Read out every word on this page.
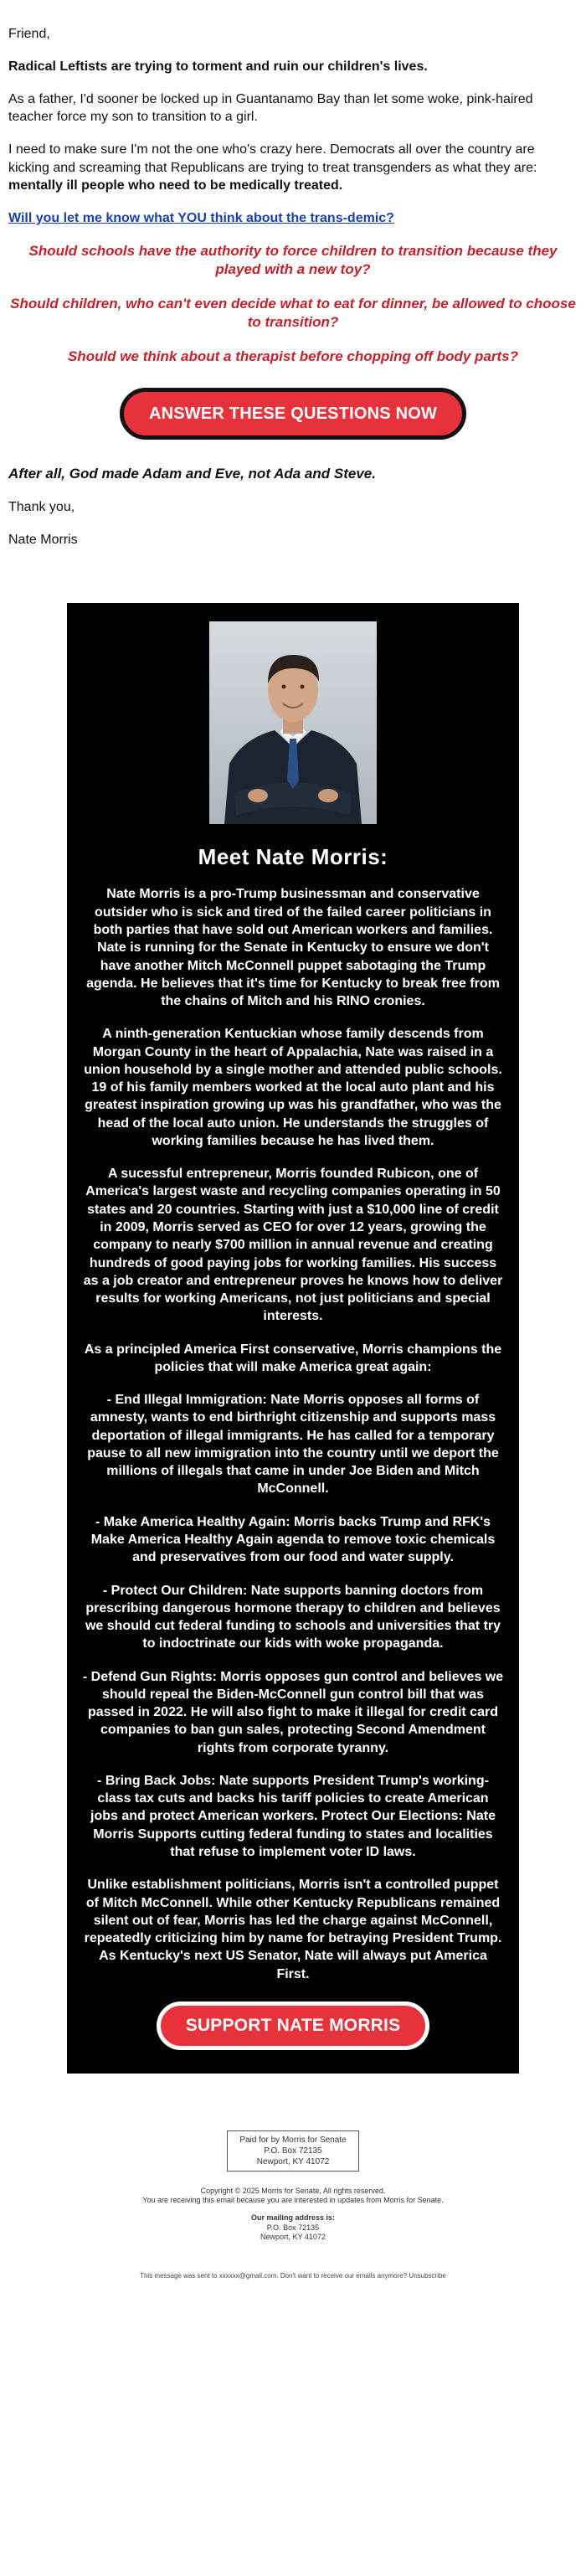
Friend,

Radical Leftists are trying to torment and ruin our children's lives.

As a father, I'd sooner be locked up in Guantanamo Bay than let some woke, pink-haired teacher force my son to transition to a girl.

I need to make sure I'm not the one who's crazy here. Democrats all over the country are kicking and screaming that Republicans are trying to treat transgenders as what they are: mentally ill people who need to be medically treated.

Will you let me know what YOU think about the trans-demic?

Should schools have the authority to force children to transition because they played with a new toy?

Should children, who can't even decide what to eat for dinner, be allowed to choose to transition?

Should we think about a therapist before chopping off body parts?

ANSWER THESE QUESTIONS NOW

After all, God made Adam and Eve, not Ada and Steve.

Thank you,

Nate Morris

Meet Nate Morris:

Nate Morris is a pro-Trump businessman and conservative outsider who is sick and tired of the failed career politicians in both parties that have sold out American workers and families. Nate is running for the Senate in Kentucky to ensure we don't have another Mitch McConnell puppet sabotaging the Trump agenda. He believes that it's time for Kentucky to break free from the chains of Mitch and his RINO cronies.

A ninth-generation Kentuckian whose family descends from Morgan County in the heart of Appalachia, Nate was raised in a union household by a single mother and attended public schools. 19 of his family members worked at the local auto plant and his greatest inspiration growing up was his grandfather, who was the head of the local auto union. He understands the struggles of working families because he has lived them.

A sucessful entrepreneur, Morris founded Rubicon, one of America's largest waste and recycling companies operating in 50 states and 20 countries. Starting with just a $10,000 line of credit in 2009, Morris served as CEO for over 12 years, growing the company to nearly $700 million in annual revenue and creating hundreds of good paying jobs for working families. His success as a job creator and entrepreneur proves he knows how to deliver results for working Americans, not just politicians and special interests.

As a principled America First conservative, Morris champions the policies that will make America great again:

- End Illegal Immigration: Nate Morris opposes all forms of amnesty, wants to end birthright citizenship and supports mass deportation of illegal immigrants. He has called for a temporary pause to all new immigration into the country until we deport the millions of illegals that came in under Joe Biden and Mitch McConnell.

- Make America Healthy Again: Morris backs Trump and RFK's Make America Healthy Again agenda to remove toxic chemicals and preservatives from our food and water supply.

- Protect Our Children: Nate supports banning doctors from prescribing dangerous hormone therapy to children and believes we should cut federal funding to schools and universities that try to indoctrinate our kids with woke propaganda.

- Defend Gun Rights: Morris opposes gun control and believes we should repeal the Biden-McConnell gun control bill that was passed in 2022. He will also fight to make it illegal for credit card companies to ban gun sales, protecting Second Amendment rights from corporate tyranny.

- Bring Back Jobs: Nate supports President Trump's working-class tax cuts and backs his tariff policies to create American jobs and protect American workers. Protect Our Elections: Nate Morris Supports cutting federal funding to states and localities that refuse to implement voter ID laws.

Unlike establishment politicians, Morris isn't a controlled puppet of Mitch McConnell. While other Kentucky Republicans remained silent out of fear, Morris has led the charge against McConnell, repeatedly criticizing him by name for betraying President Trump. As Kentucky's next US Senator, Nate will always put America First.

SUPPORT NATE MORRIS
Paid for by Morris for Senate
P.O. Box 72135
Newport, KY 41072
Copyright © 2025 Morris for Senate, All rights reserved.
You are receiving this email because you are interested in updates from Morris for Senate.
Our mailing address is:
P.O. Box 72135
Newport, KY 41072
This message was sent to xxxxxx@gmail.com. Don't want to receive our emails anymore? Unsubscribe
